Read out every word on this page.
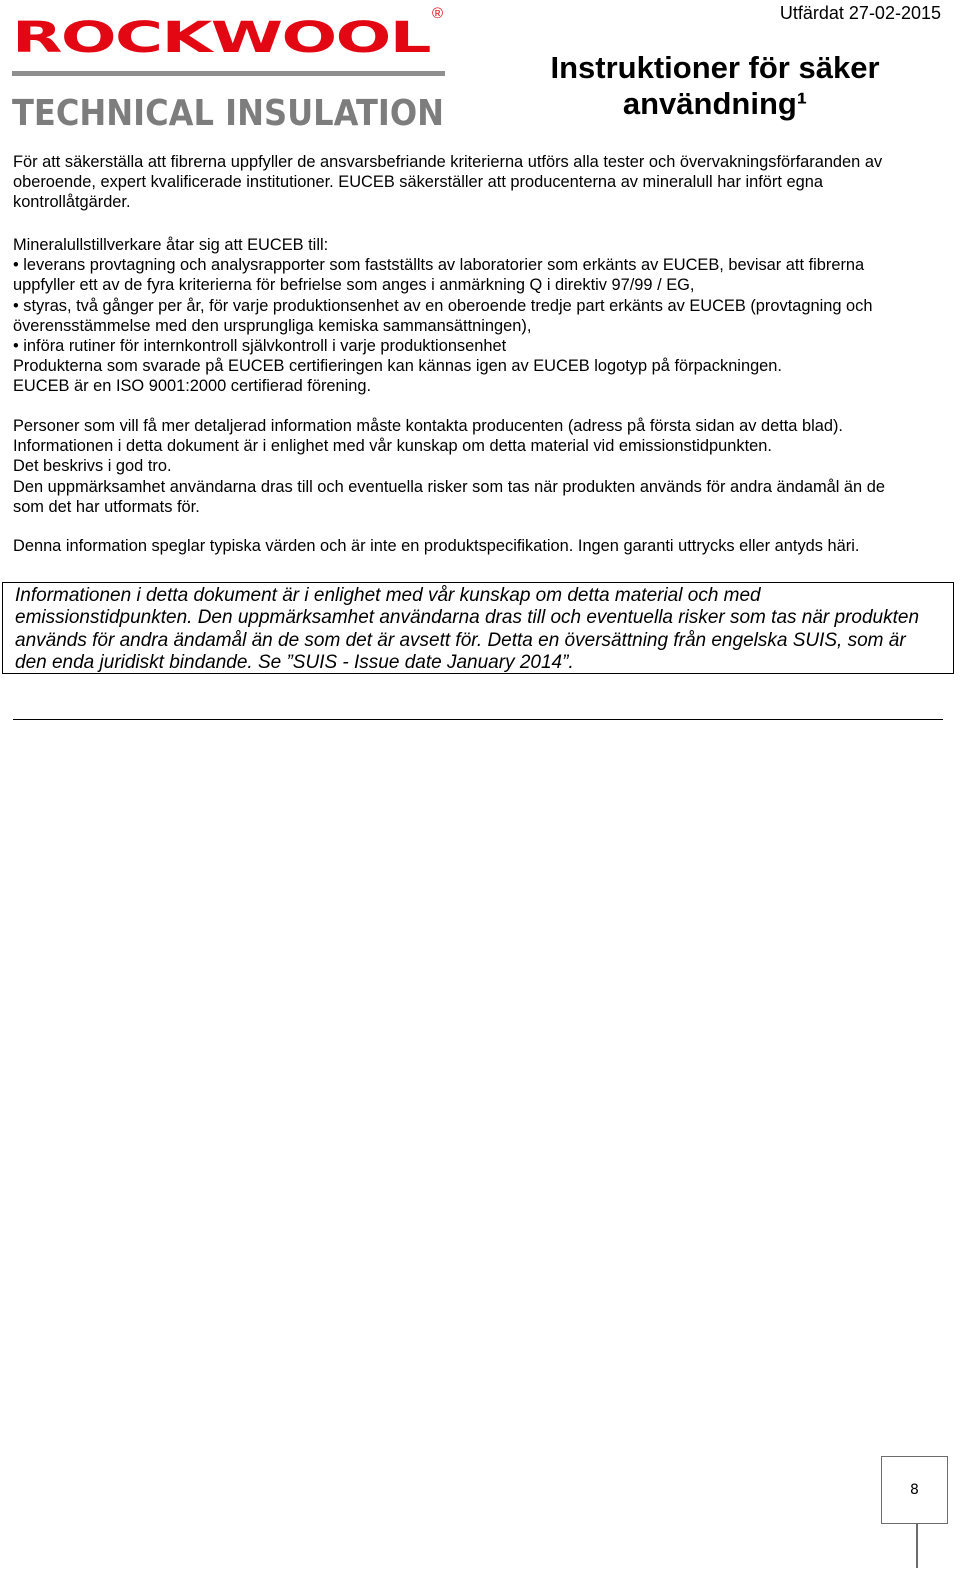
ROCKWOOL ®
TECHNICAL INSULATION
Utfärdat 27-02-2015
Instruktioner för säker
användning¹
För att säkerställa att fibrerna uppfyller de ansvarsbefriande kriterierna utförs alla tester och övervakningsförfaranden av
oberoende, expert kvalificerade institutioner. EUCEB säkerställer att producenterna av mineralull har infört egna
kontrollåtgärder.
Mineralullstillverkare åtar sig att EUCEB till:
• leverans provtagning och analysrapporter som fastställts av laboratorier som erkänts av EUCEB, bevisar att fibrerna
uppfyller ett av de fyra kriterierna för befrielse som anges i anmärkning Q i direktiv 97/99 / EG,
• styras, två gånger per år, för varje produktionsenhet av en oberoende tredje part erkänts av EUCEB (provtagning och
överensstämmelse med den ursprungliga kemiska sammansättningen),
• införa rutiner för internkontroll självkontroll i varje produktionsenhet
Produkterna som svarade på EUCEB certifieringen kan kännas igen av EUCEB logotyp på förpackningen.
EUCEB är en ISO 9001:2000 certifierad förening.
Personer som vill få mer detaljerad information måste kontakta producenten (adress på första sidan av detta blad).
Informationen i detta dokument är i enlighet med vår kunskap om detta material vid emissionstidpunkten.
Det beskrivs i god tro.
Den uppmärksamhet användarna dras till och eventuella risker som tas när produkten används för andra ändamål än de
som det har utformats för.
Denna information speglar typiska värden och är inte en produktspecifikation. Ingen garanti uttrycks eller antyds häri.
Informationen i detta dokument är i enlighet med vår kunskap om detta material och med
emissionstidpunkten. Den uppmärksamhet användarna dras till och eventuella risker som tas när produkten
används för andra ändamål än de som det är avsett för. Detta en översättning från engelska SUIS, som är
den enda juridiskt bindande. Se ”SUIS - Issue date January 2014”.
8
